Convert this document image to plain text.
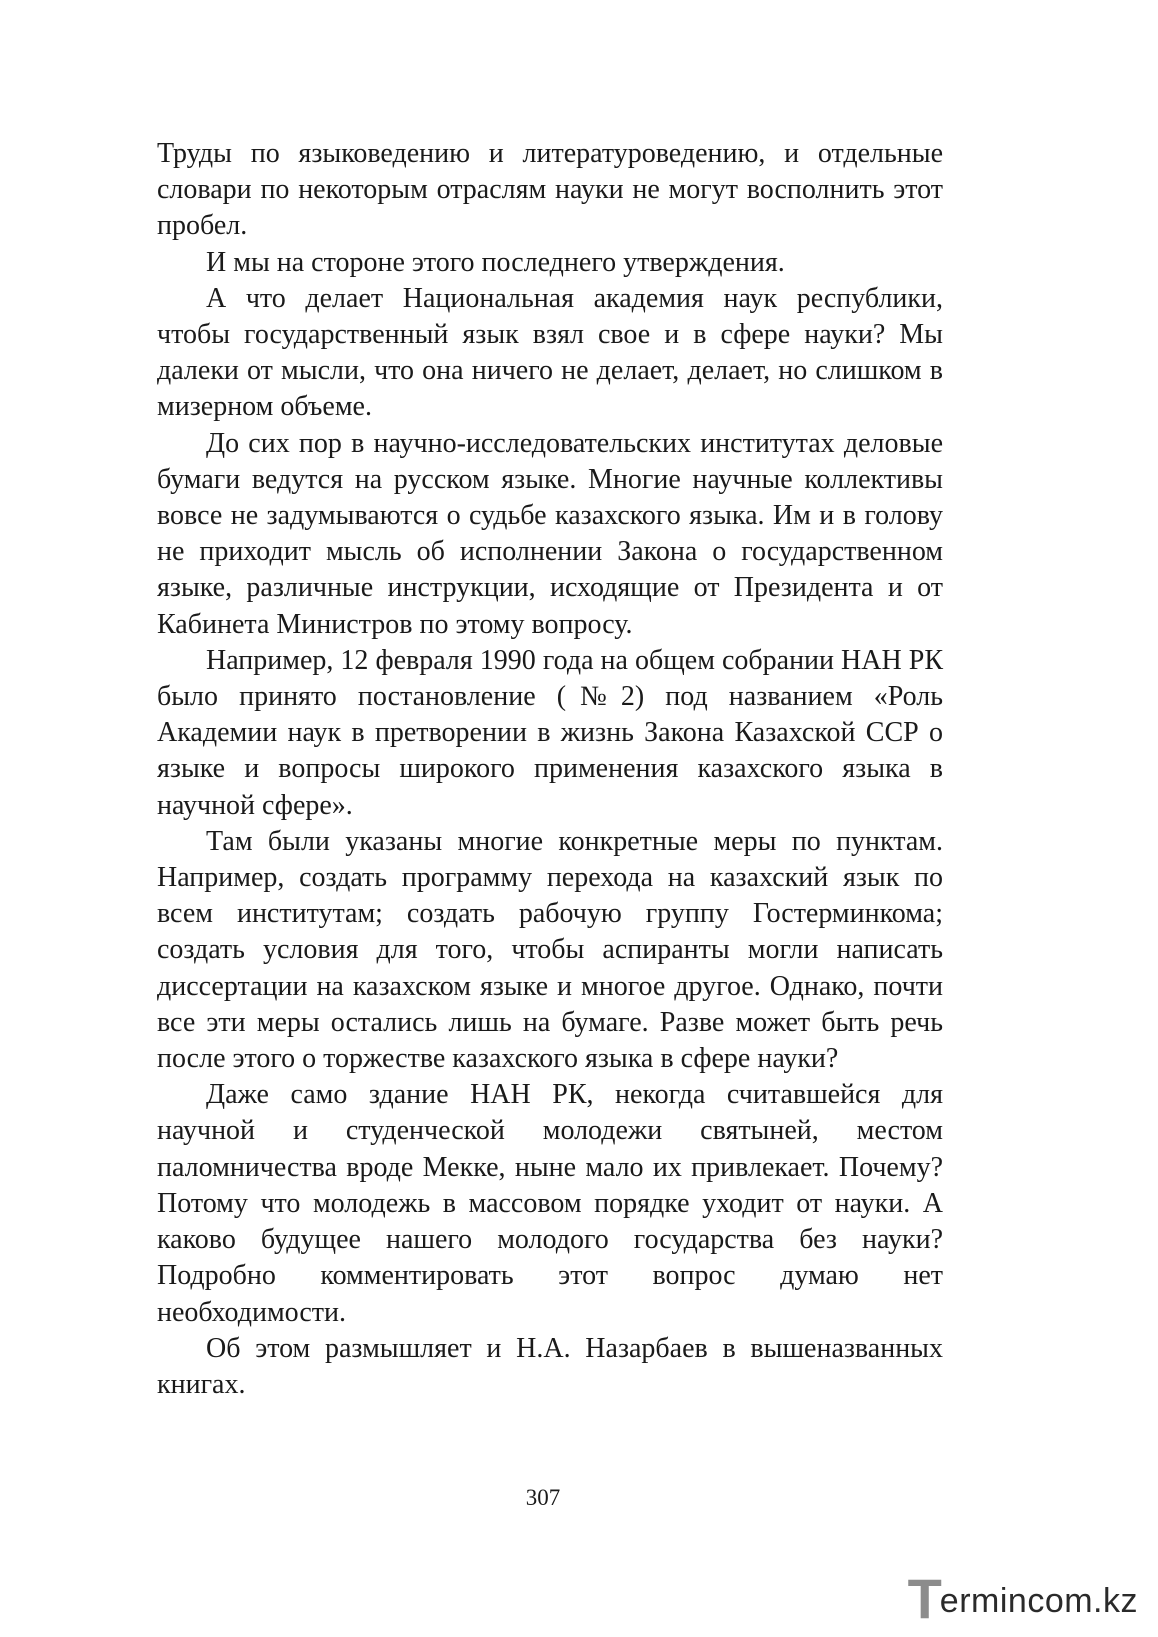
Труды по языковедению и литературоведению, и отдельные словари по некоторым отраслям науки не могут восполнить этот пробел.

И мы на стороне этого последнего утверждения.

А что делает Национальная академия наук республики, чтобы государственный язык взял свое и в сфере науки? Мы далеки от мысли, что она ничего не делает, делает, но слишком в мизерном объеме.

До сих пор в научно-исследовательских институтах деловые бумаги ведутся на русском языке. Многие научные коллективы вовсе не задумываются о судьбе казахского языка. Им и в голову не приходит мысль об исполнении Закона о государственном языке, различные инструкции, исходящие от Президента и от Кабинета Министров по этому вопросу.

Например, 12 февраля 1990 года на общем собрании НАН РК было принято постановление (№2) под названием «Роль Академии наук в претворении в жизнь Закона Казахской ССР о языке и вопросы широкого применения казахского языка в научной сфере».

Там были указаны многие конкретные меры по пунктам. Например, создать программу перехода на казахский язык по всем институтам; создать рабочую группу Гостерминкома; создать условия для того, чтобы аспиранты могли написать диссертации на казахском языке и многое другое. Однако, почти все эти меры остались лишь на бумаге. Разве может быть речь после этого о торжестве казахского языка в сфере науки?

Даже само здание НАН РК, некогда считавшейся для научной и студенческой молодежи святыней, местом паломничества вроде Мекке, ныне мало их привлекает. Почему? Потому что молодежь в массовом порядке уходит от науки. А каково будущее нашего молодого государства без науки? Подробно комментировать этот вопрос думаю нет необходимости.

Об этом размышляет и Н.А. Назарбаев в вышеназванных книгах.

307
T
ermincom.kz
